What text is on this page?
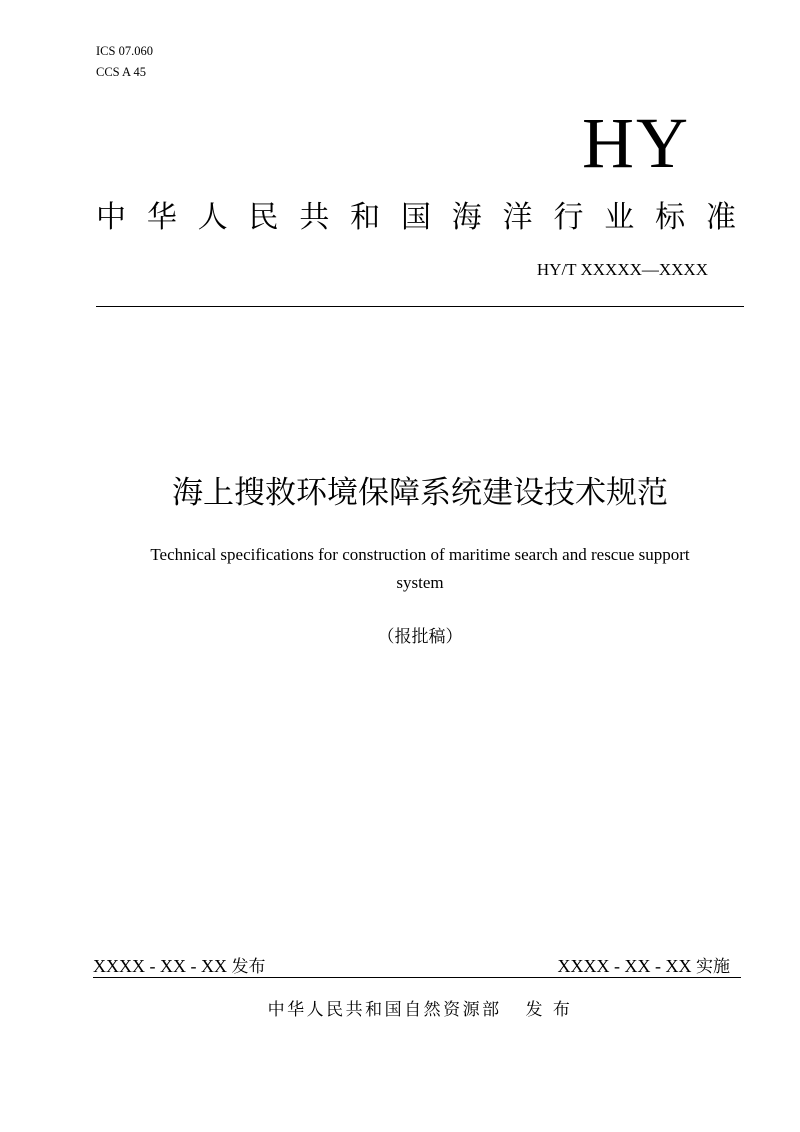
ICS 07.060
CCS A 45
HY
中 华 人 民 共 和 国 海 洋 行 业 标 准
HY/T XXXXX—XXXX
海上搜救环境保障系统建设技术规范
Technical specifications for construction of maritime search and rescue support
system
（报批稿）
XXXX - XX - XX 发布	XXXX - XX - XX 实施
中华人民共和国自然资源部 发 布
